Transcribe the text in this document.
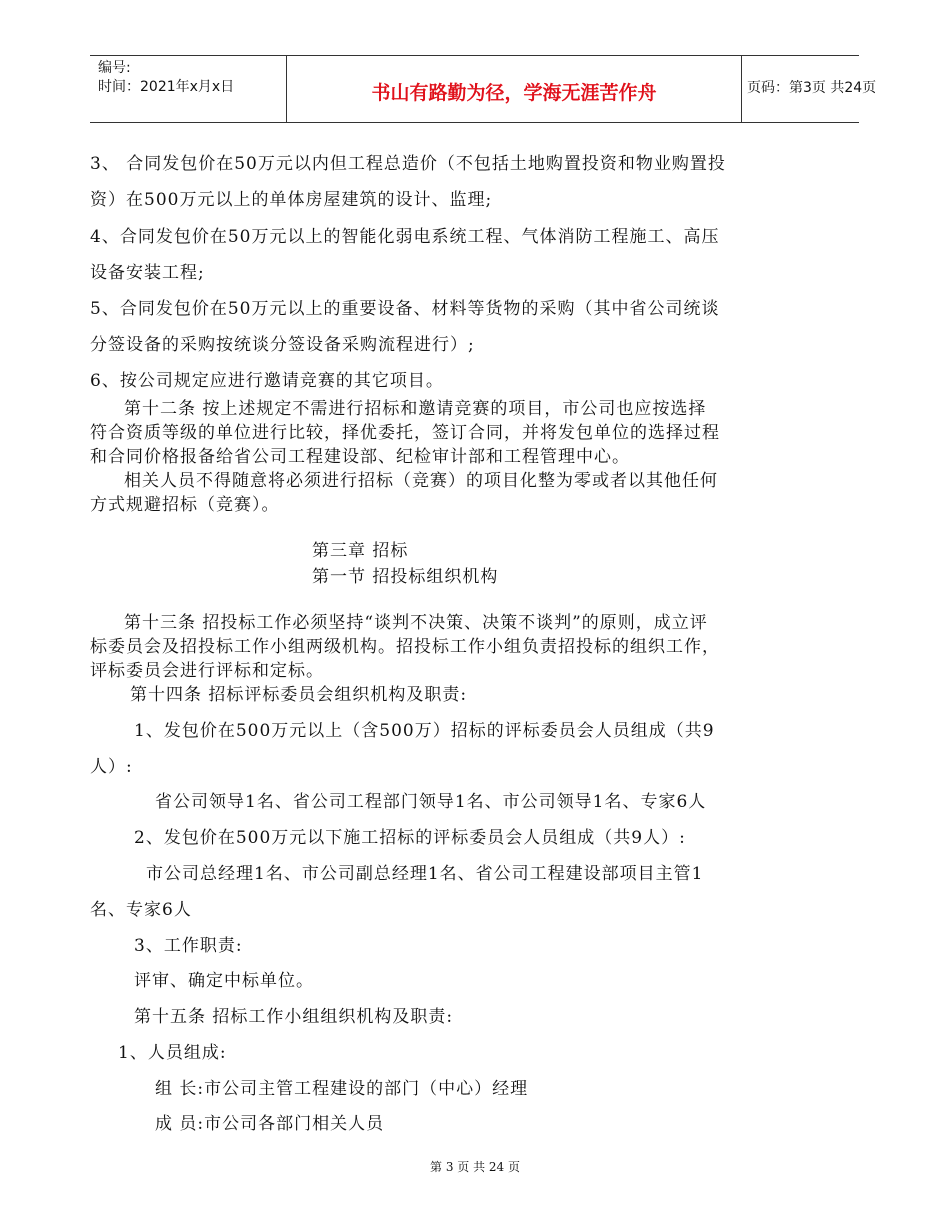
编号:
时间：2021年x月x日	书山有路勤为径，学海无涯苦作舟	页码：第3页 共24页
3、 合同发包价在50万元以内但工程总造价（不包括土地购置投资和物业购置投
资）在500万元以上的单体房屋建筑的设计、监理;
4、合同发包价在50万元以上的智能化弱电系统工程、气体消防工程施工、高压
设备安装工程;
5、合同发包价在50万元以上的重要设备、材料等货物的采购（其中省公司统谈
分签设备的采购按统谈分签设备采购流程进行）;
6、按公司规定应进行邀请竞赛的其它项目。
第十二条 按上述规定不需进行招标和邀请竞赛的项目，市公司也应按选择
符合资质等级的单位进行比较，择优委托，签订合同，并将发包单位的选择过程
和合同价格报备给省公司工程建设部、纪检审计部和工程管理中心。
相关人员不得随意将必须进行招标（竞赛）的项目化整为零或者以其他任何
方式规避招标（竞赛）。
第三章 招标
第一节 招投标组织机构
第十三条 招投标工作必须坚持“谈判不决策、决策不谈判”的原则，成立评
标委员会及招投标工作小组两级机构。招投标工作小组负责招投标的组织工作，
评标委员会进行评标和定标。
第十四条 招标评标委员会组织机构及职责:
1、发包价在500万元以上（含500万）招标的评标委员会人员组成（共9
人）:
省公司领导1名、省公司工程部门领导1名、市公司领导1名、专家6人
2、发包价在500万元以下施工招标的评标委员会人员组成（共9人）:
市公司总经理1名、市公司副总经理1名、省公司工程建设部项目主管1
名、专家6人
3、工作职责:
评审、确定中标单位。
第十五条 招标工作小组组织机构及职责:
1、人员组成:
组 长:市公司主管工程建设的部门（中心）经理
成 员:市公司各部门相关人员
第 3 页 共 24 页
